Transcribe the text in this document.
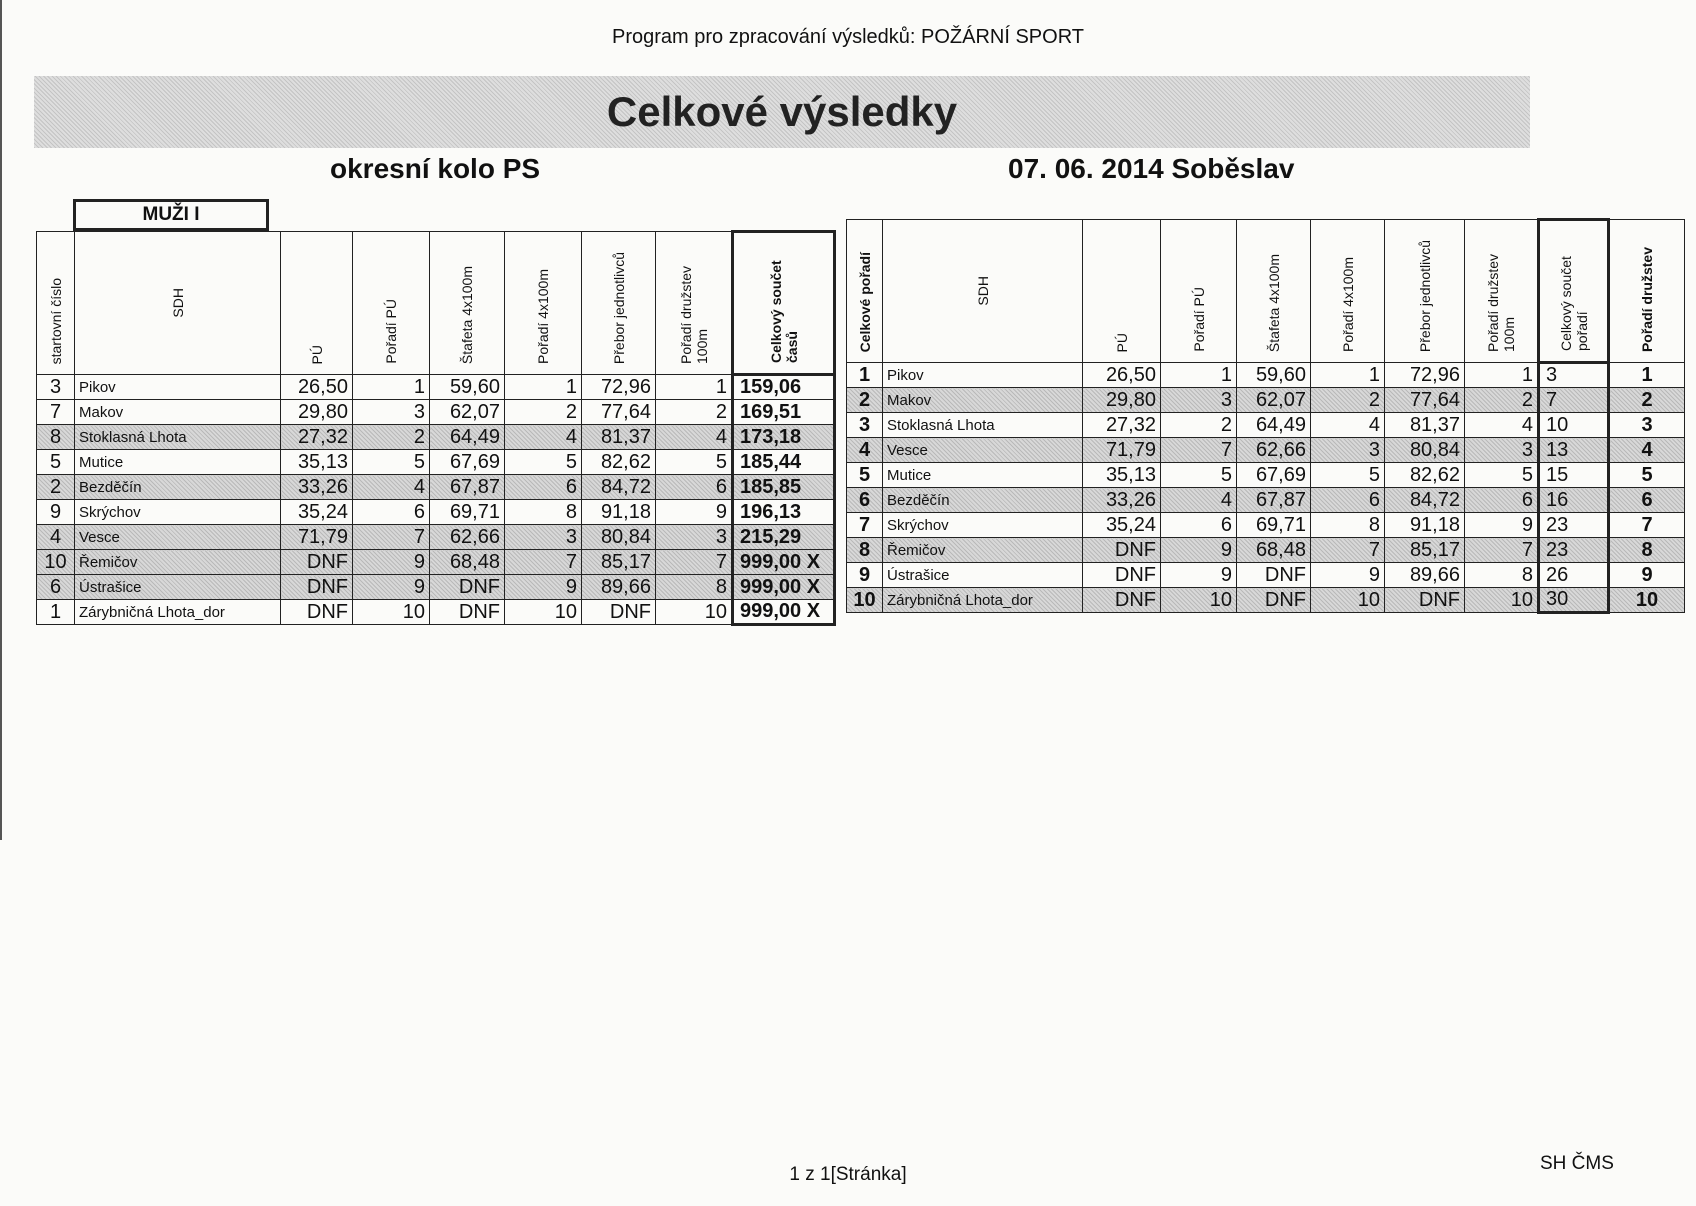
Program pro zpracování výsledků: POŽÁRNÍ SPORT
Celkové výsledky
okresní kolo PS	07. 06. 2014 Soběslav
MUŽI I
startovní číslo	SDH	PÚ	Pořadí PÚ	Štafeta 4x100m	Pořadí 4x100m	Přebor jednotlivců	Pořadí družstev 100m	Celkový součet časů

3	Pikov	26,50	1	59,60	1	72,96	1	159,06
7	Makov	29,80	3	62,07	2	77,64	2	169,51
8	Stoklasná Lhota	27,32	2	64,49	4	81,37	4	173,18
5	Mutice	35,13	5	67,69	5	82,62	5	185,44
2	Bezděčín	33,26	4	67,87	6	84,72	6	185,85
9	Skrýchov	35,24	6	69,71	8	91,18	9	196,13
4	Vesce	71,79	7	62,66	3	80,84	3	215,29
10	Řemičov	DNF	9	68,48	7	85,17	7	999,00 X
6	Ústrašice	DNF	9	DNF	9	89,66	8	999,00 X
1	Zárybničná Lhota_dor	DNF	10	DNF	10	DNF	10	999,00 X
Celkové pořadí	SDH	PÚ	Pořadí PÚ	Štafeta 4x100m	Pořadí 4x100m	Přebor jednotlivců	Pořadí družstev 100m	Celkový součet pořadí	Pořadí družstev

1	Pikov	26,50	1	59,60	1	72,96	1	3	1
2	Makov	29,80	3	62,07	2	77,64	2	7	2
3	Stoklasná Lhota	27,32	2	64,49	4	81,37	4	10	3
4	Vesce	71,79	7	62,66	3	80,84	3	13	4
5	Mutice	35,13	5	67,69	5	82,62	5	15	5
6	Bezděčín	33,26	4	67,87	6	84,72	6	16	6
7	Skrýchov	35,24	6	69,71	8	91,18	9	23	7
8	Řemičov	DNF	9	68,48	7	85,17	7	23	8
9	Ústrašice	DNF	9	DNF	9	89,66	8	26	9
10	Zárybničná Lhota_dor	DNF	10	DNF	10	DNF	10	30	10
1 z 1[Stránka]
SH ČMS
